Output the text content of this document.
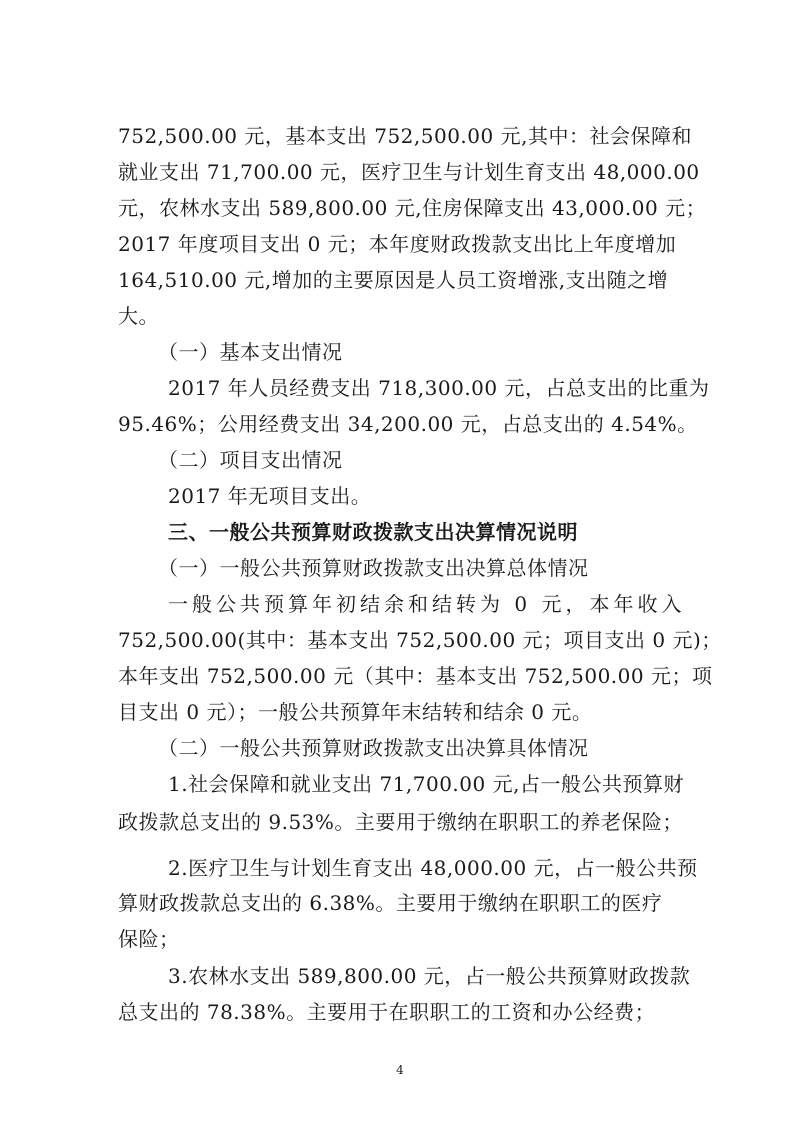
752,500.00 元，基本支出 752,500.00 元,其中：社会保障和

就业支出 71,700.00 元，医疗卫生与计划生育支出 48,000.00

元，农林水支出 589,800.00 元,住房保障支出 43,000.00 元；

2017 年度项目支出 0 元；本年度财政拨款支出比上年度增加

164,510.00 元,增加的主要原因是人员工资增涨,支出随之增

大。

（一）基本支出情况

2017 年人员经费支出 718,300.00 元，占总支出的比重为

95.46%；公用经费支出 34,200.00 元，占总支出的 4.54%。

（二）项目支出情况

2017 年无项目支出。

三、一般公共预算财政拨款支出决算情况说明

（一）一般公共预算财政拨款支出决算总体情况

一般公共预算年初结余和结转为 0 元，本年收入

752,500.00(其中：基本支出 752,500.00 元；项目支出 0 元)；

本年支出 752,500.00 元（其中：基本支出 752,500.00 元；项

目支出 0 元）；一般公共预算年末结转和结余 0 元。

（二）一般公共预算财政拨款支出决算具体情况

1.社会保障和就业支出 71,700.00 元,占一般公共预算财

政拨款总支出的 9.53%。主要用于缴纳在职职工的养老保险；

2.医疗卫生与计划生育支出 48,000.00 元，占一般公共预

算财政拨款总支出的 6.38%。主要用于缴纳在职职工的医疗

保险；

3.农林水支出 589,800.00 元，占一般公共预算财政拨款

总支出的 78.38%。主要用于在职职工的工资和办公经费；

4
